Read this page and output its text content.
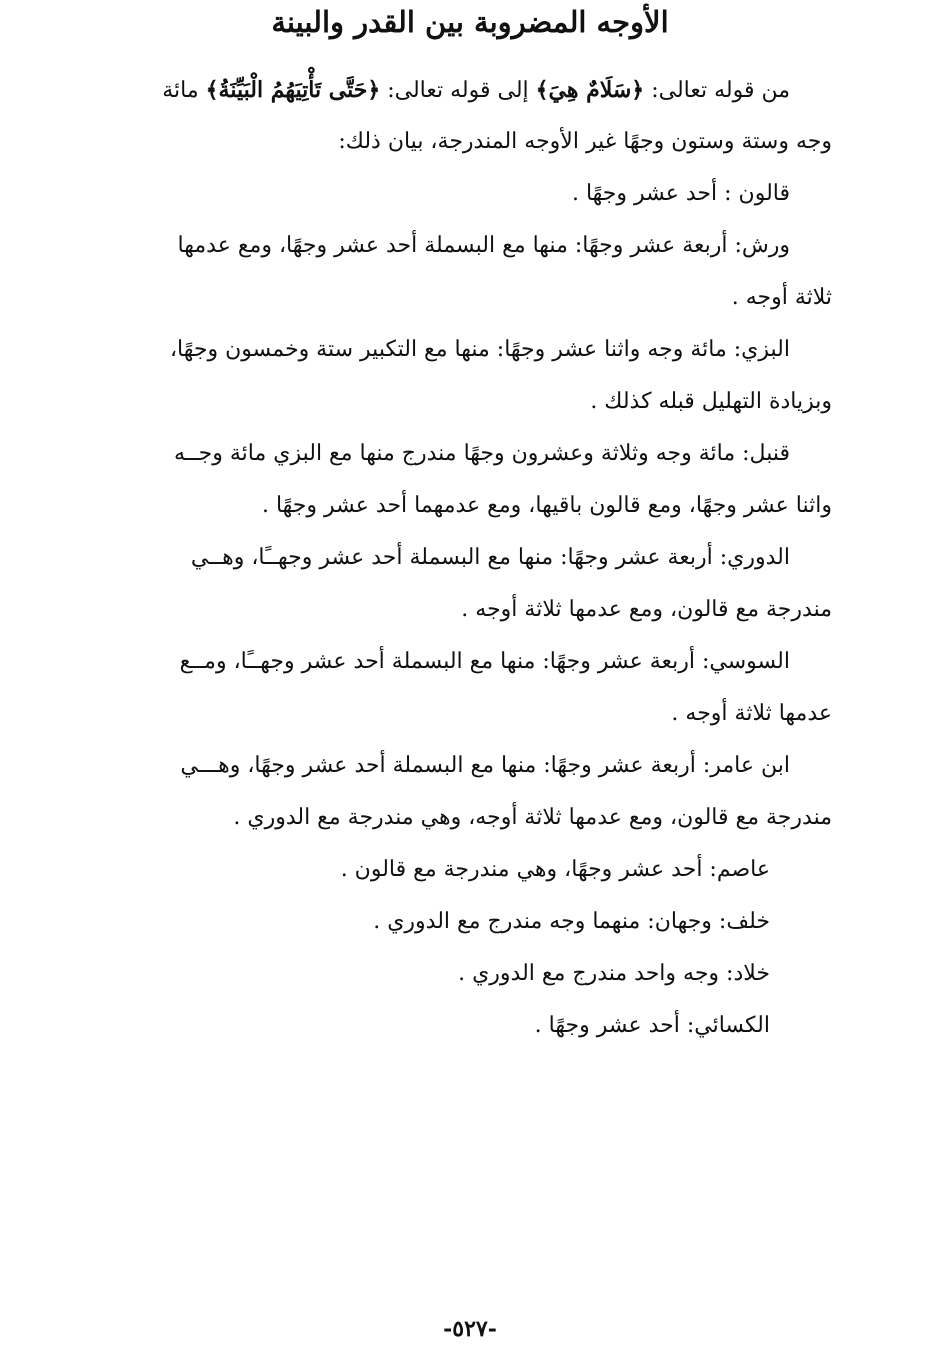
الأوجه المضروبة بين القدر والبينة

من قوله تعالى: ﴿سَلَامٌ هِيَ﴾ إلى قوله تعالى: ﴿حَتَّى تَأْتِيَهُمُ الْبَيِّنَةُ﴾ مائة
وجه وستة وستون وجهًا غير الأوجه المندرجة، بيان ذلك:

قالون : أحد عشر وجهًا .

ورش: أربعة عشر وجهًا: منها مع البسملة أحد عشر وجهًا، ومع عدمها
ثلاثة أوجه .

البزي: مائة وجه واثنا عشر وجهًا: منها مع التكبير ستة وخمسون وجهًا،
وبزيادة التهليل قبله كذلك .

قنبل: مائة وجه وثلاثة وعشرون وجهًا مندرج منها مع البزي مائة وجــه
واثنا عشر وجهًا، ومع قالون باقيها، ومع عدمهما أحد عشر وجهًا .

الدوري: أربعة عشر وجهًا: منها مع البسملة أحد عشر وجهــًا، وهــي
مندرجة مع قالون، ومع عدمها ثلاثة أوجه .

السوسي: أربعة عشر وجهًا: منها مع البسملة أحد عشر وجهــًا، ومــع
عدمها ثلاثة أوجه .

ابن عامر: أربعة عشر وجهًا: منها مع البسملة أحد عشر وجهًا، وهـــي
مندرجة مع قالون، ومع عدمها ثلاثة أوجه، وهي مندرجة مع الدوري .

عاصم: أحد عشر وجهًا، وهي مندرجة مع قالون .

خلف: وجهان: منهما وجه مندرج مع الدوري .

خلاد: وجه واحد مندرج مع الدوري .

الكسائي: أحد عشر وجهًا .

-٥٢٧-
